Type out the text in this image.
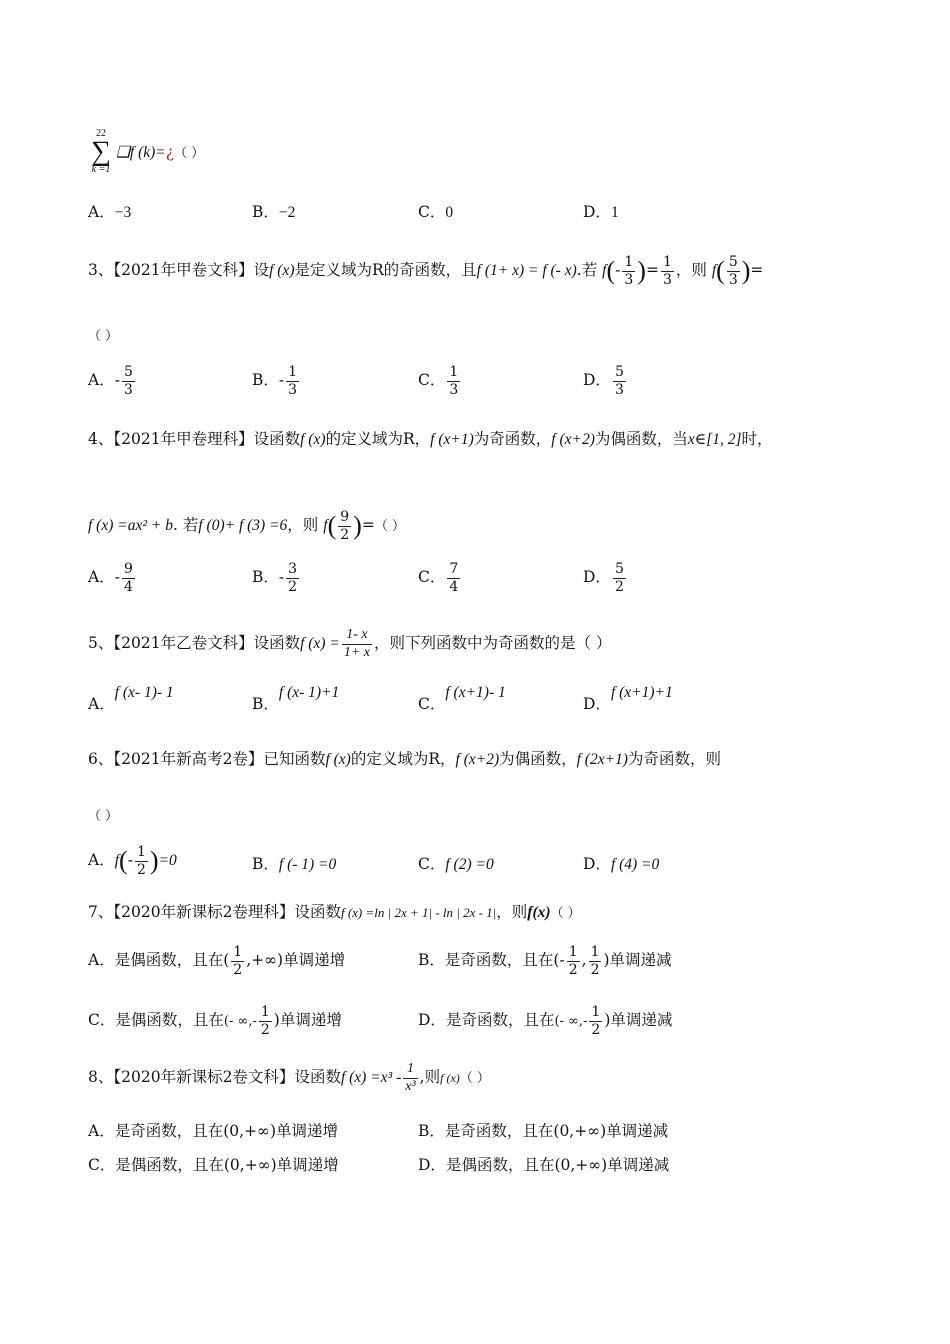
22
∑
k =1
❑f (k)=¿（ ）
A．−3	B．−2	C．0	D．1
3、【2021年甲卷文科】设f (x)是定义域为R的奇函数，且f (1+ x) = f (- x).若 $f(- \frac{1}{3}$ )= $\frac{1}{3}$ ，则 $f( \frac{5}{3}$ )=
（ ）
A．- $\frac{5}{3}$	B．- $\frac{1}{3}$	C． $\frac{1}{3}$	D． $\frac{5}{3}$
4、【2021年甲卷理科】设函数f (x)的定义域为R，f (x+1)为奇函数，f (x+2)为偶函数，当x∈[1, 2]时，
f (x) =ax² + b. 若f (0)+ f (3) =6，则 $f( \frac{9}{2}$ )=（ ）
A．- $\frac{9}{4}$	B．- $\frac{3}{2}$	C． $\frac{7}{4}$	D． $\frac{5}{2}$
5、【2021年乙卷文科】设函数f $(x) = \frac{1- x}{1+ x}$ ，则下列函数中为奇函数的是（ ）
A．f (x- 1)- 1
B．f (x- 1)+1
C．f (x+1)- 1
D．f (x+1)+1
6、【2021年新高考2卷】已知函数f (x)的定义域为R，f (x+2)为偶函数，f (2x+1)为奇函数，则
（ ）
A．$f(- \frac{1}{2} )=0$	B．f (- 1) =0	C．f (2) =0	D．f (4) =0
7、【2020年新课标2卷理科】设函数f (x) =ln | 2x + 1| - ln | 2x - 1|，则f(x)（ ）
A．是偶函数，且在( $\frac{1}{2}$ ,+∞)单调递增	B．是奇函数，且在(- $\frac{1}{2}$ , $\frac{1}{2}$ )单调递减
C．是偶函数，且在(- ∞,- $\frac{1}{2}$ )单调递增	D．是奇函数，且在(- ∞,- $\frac{1}{2}$ )单调递减
8、【2020年新课标2卷文科】设函数f $(x) =x^3 - \frac{1}{\text{x³}}$ ,则f (x)（ ）
A．是奇函数，且在(0,+∞)单调递增	B．是奇函数，且在(0,+∞)单调递减
C．是偶函数，且在(0,+∞)单调递增	D．是偶函数，且在(0,+∞)单调递减
